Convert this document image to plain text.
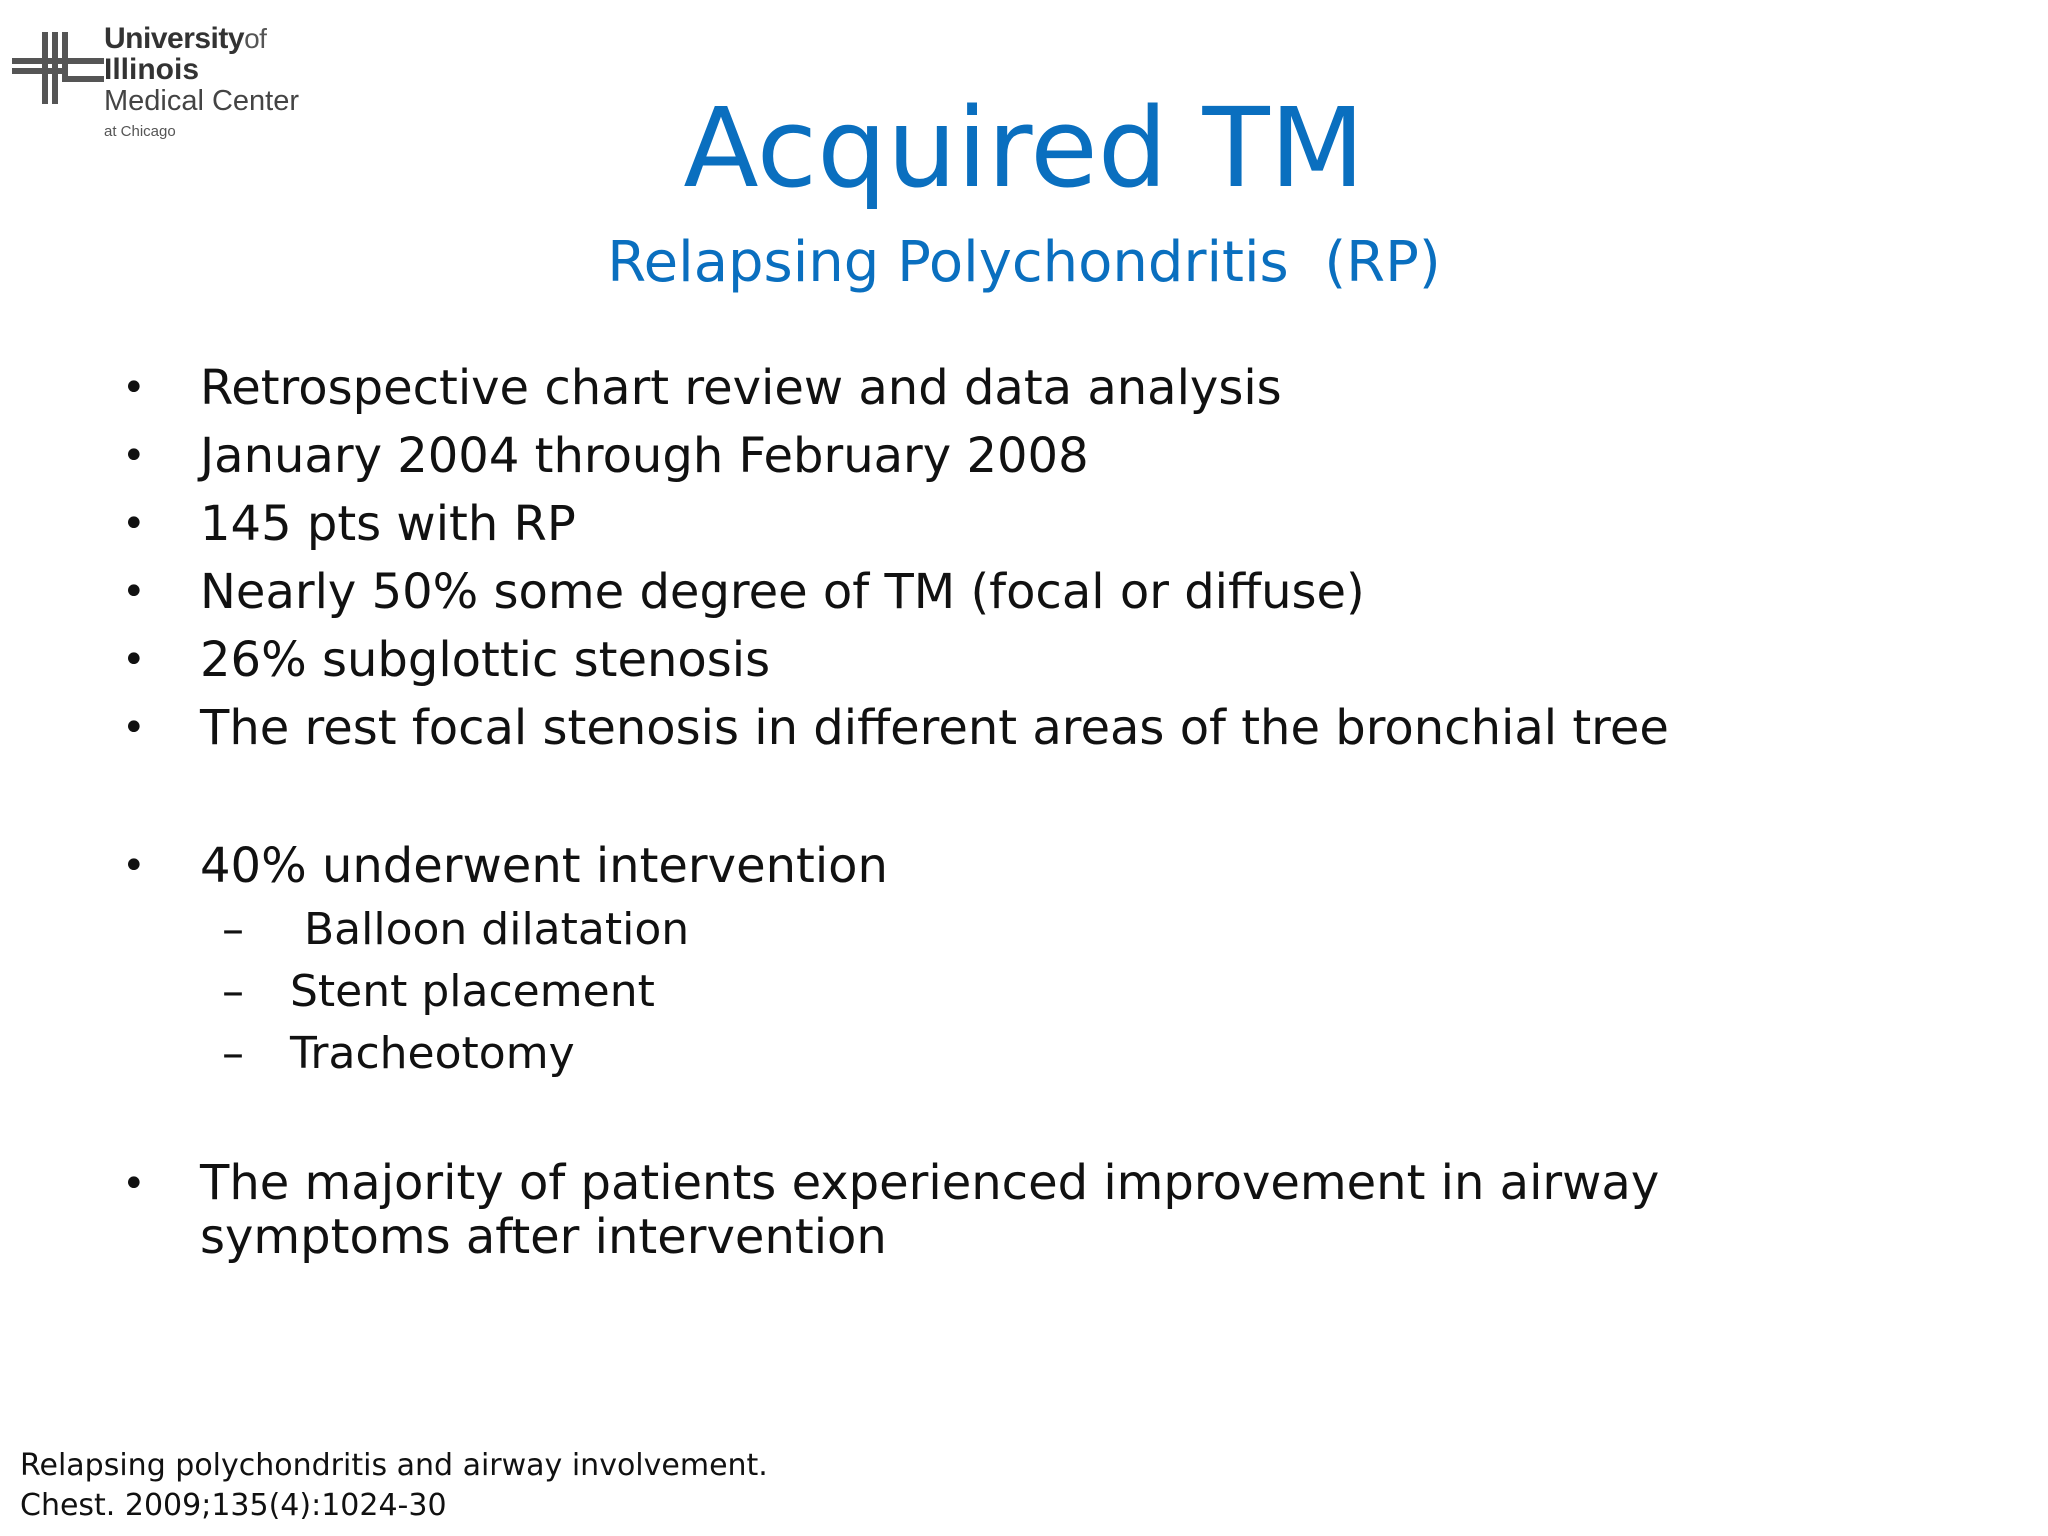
Universityof
Illinois
Medical Center
at Chicago	Acquired TM
Relapsing Polychondritis  (RP)
• Retrospective chart review and data analysis
• January 2004 through February 2008
• 145 pts with RP
• Nearly 50% some degree of TM (focal or diffuse)
• 26% subglottic stenosis
• The rest focal stenosis in different areas of the bronchial tree
• 40% underwent intervention
–	Balloon dilatation
–	Stent placement
–	Tracheotomy
• The majority of patients experienced improvement in airway symptoms after intervention
Relapsing polychondritis and airway involvement.
Chest. 2009;135(4):1024-30
